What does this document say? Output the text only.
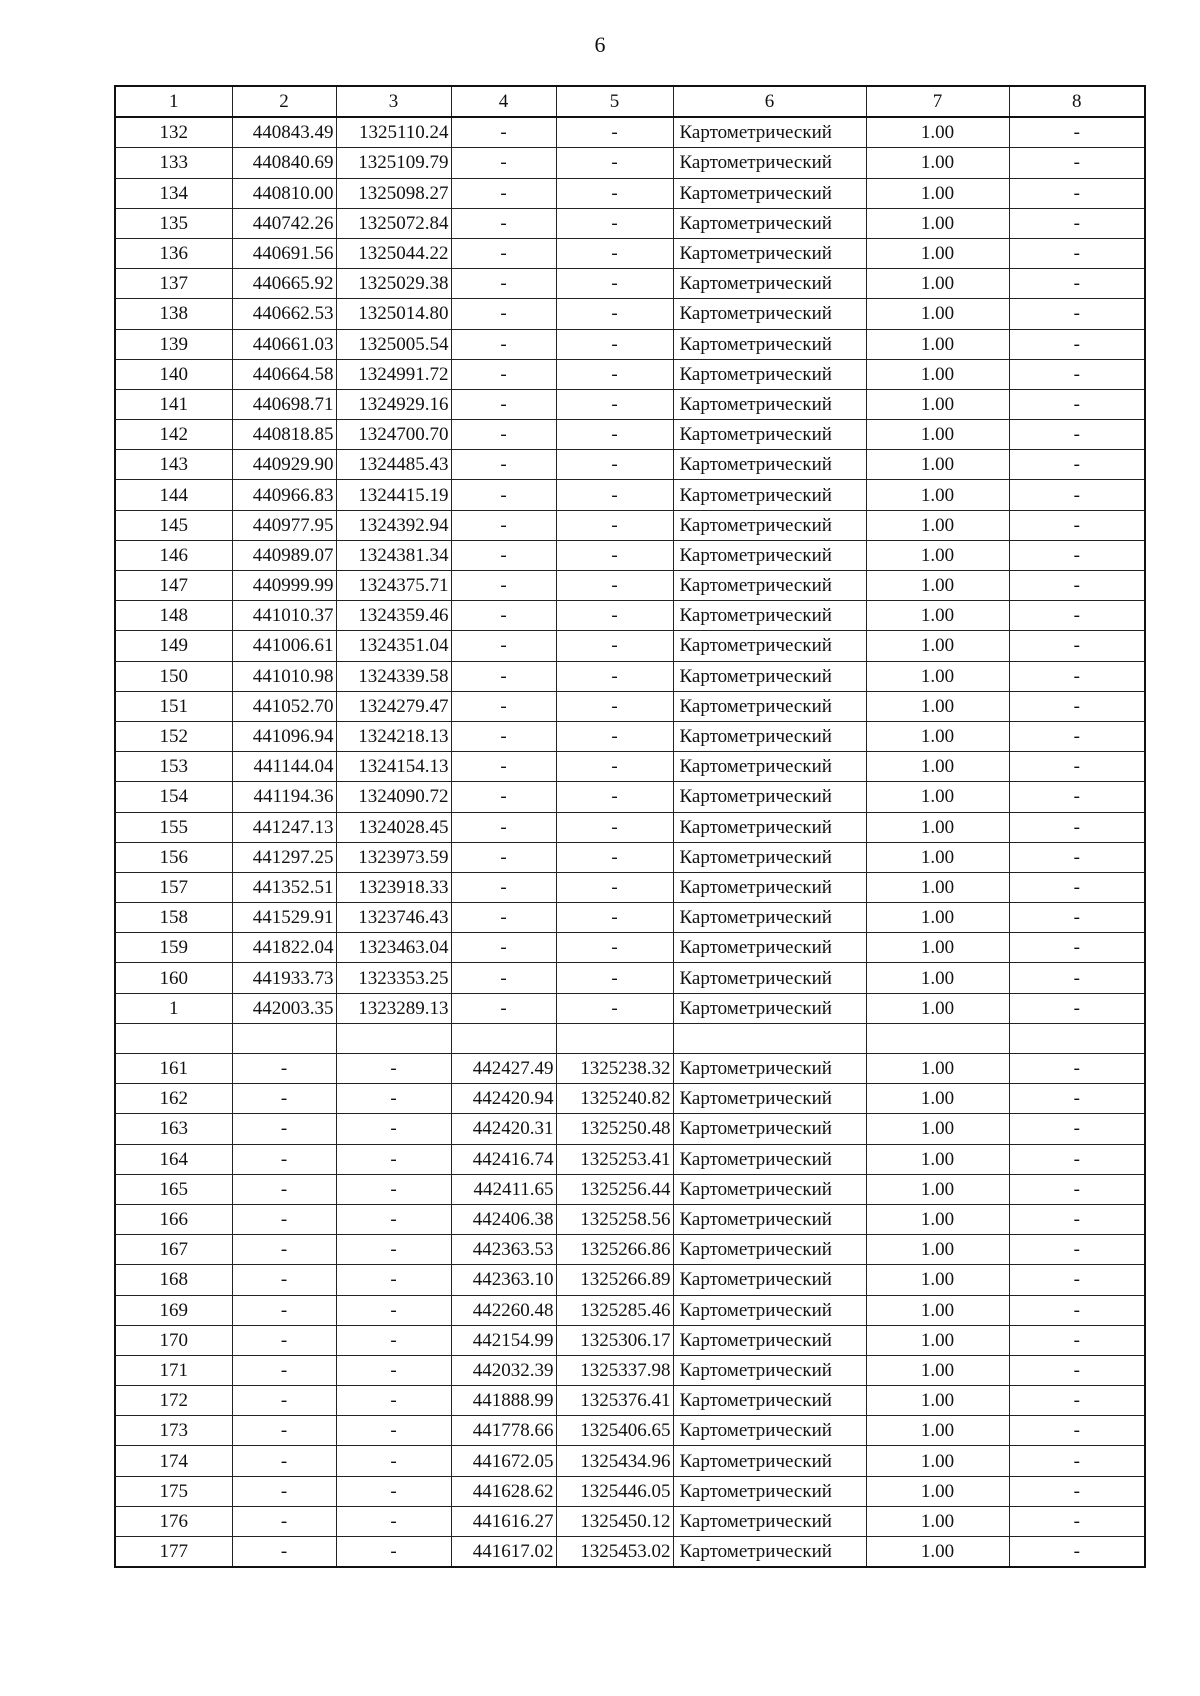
6
1	2	3	4	5	6	7	8
132	440843.49	1325110.24	-	-	Картометрический	1.00	-
133	440840.69	1325109.79	-	-	Картометрический	1.00	-
134	440810.00	1325098.27	-	-	Картометрический	1.00	-
135	440742.26	1325072.84	-	-	Картометрический	1.00	-
136	440691.56	1325044.22	-	-	Картометрический	1.00	-
137	440665.92	1325029.38	-	-	Картометрический	1.00	-
138	440662.53	1325014.80	-	-	Картометрический	1.00	-
139	440661.03	1325005.54	-	-	Картометрический	1.00	-
140	440664.58	1324991.72	-	-	Картометрический	1.00	-
141	440698.71	1324929.16	-	-	Картометрический	1.00	-
142	440818.85	1324700.70	-	-	Картометрический	1.00	-
143	440929.90	1324485.43	-	-	Картометрический	1.00	-
144	440966.83	1324415.19	-	-	Картометрический	1.00	-
145	440977.95	1324392.94	-	-	Картометрический	1.00	-
146	440989.07	1324381.34	-	-	Картометрический	1.00	-
147	440999.99	1324375.71	-	-	Картометрический	1.00	-
148	441010.37	1324359.46	-	-	Картометрический	1.00	-
149	441006.61	1324351.04	-	-	Картометрический	1.00	-
150	441010.98	1324339.58	-	-	Картометрический	1.00	-
151	441052.70	1324279.47	-	-	Картометрический	1.00	-
152	441096.94	1324218.13	-	-	Картометрический	1.00	-
153	441144.04	1324154.13	-	-	Картометрический	1.00	-
154	441194.36	1324090.72	-	-	Картометрический	1.00	-
155	441247.13	1324028.45	-	-	Картометрический	1.00	-
156	441297.25	1323973.59	-	-	Картометрический	1.00	-
157	441352.51	1323918.33	-	-	Картометрический	1.00	-
158	441529.91	1323746.43	-	-	Картометрический	1.00	-
159	441822.04	1323463.04	-	-	Картометрический	1.00	-
160	441933.73	1323353.25	-	-	Картометрический	1.00	-
1	442003.35	1323289.13	-	-	Картометрический	1.00	-

161	-	-	442427.49	1325238.32	Картометрический	1.00	-
162	-	-	442420.94	1325240.82	Картометрический	1.00	-
163	-	-	442420.31	1325250.48	Картометрический	1.00	-
164	-	-	442416.74	1325253.41	Картометрический	1.00	-
165	-	-	442411.65	1325256.44	Картометрический	1.00	-
166	-	-	442406.38	1325258.56	Картометрический	1.00	-
167	-	-	442363.53	1325266.86	Картометрический	1.00	-
168	-	-	442363.10	1325266.89	Картометрический	1.00	-
169	-	-	442260.48	1325285.46	Картометрический	1.00	-
170	-	-	442154.99	1325306.17	Картометрический	1.00	-
171	-	-	442032.39	1325337.98	Картометрический	1.00	-
172	-	-	441888.99	1325376.41	Картометрический	1.00	-
173	-	-	441778.66	1325406.65	Картометрический	1.00	-
174	-	-	441672.05	1325434.96	Картометрический	1.00	-
175	-	-	441628.62	1325446.05	Картометрический	1.00	-
176	-	-	441616.27	1325450.12	Картометрический	1.00	-
177	-	-	441617.02	1325453.02	Картометрический	1.00	-
